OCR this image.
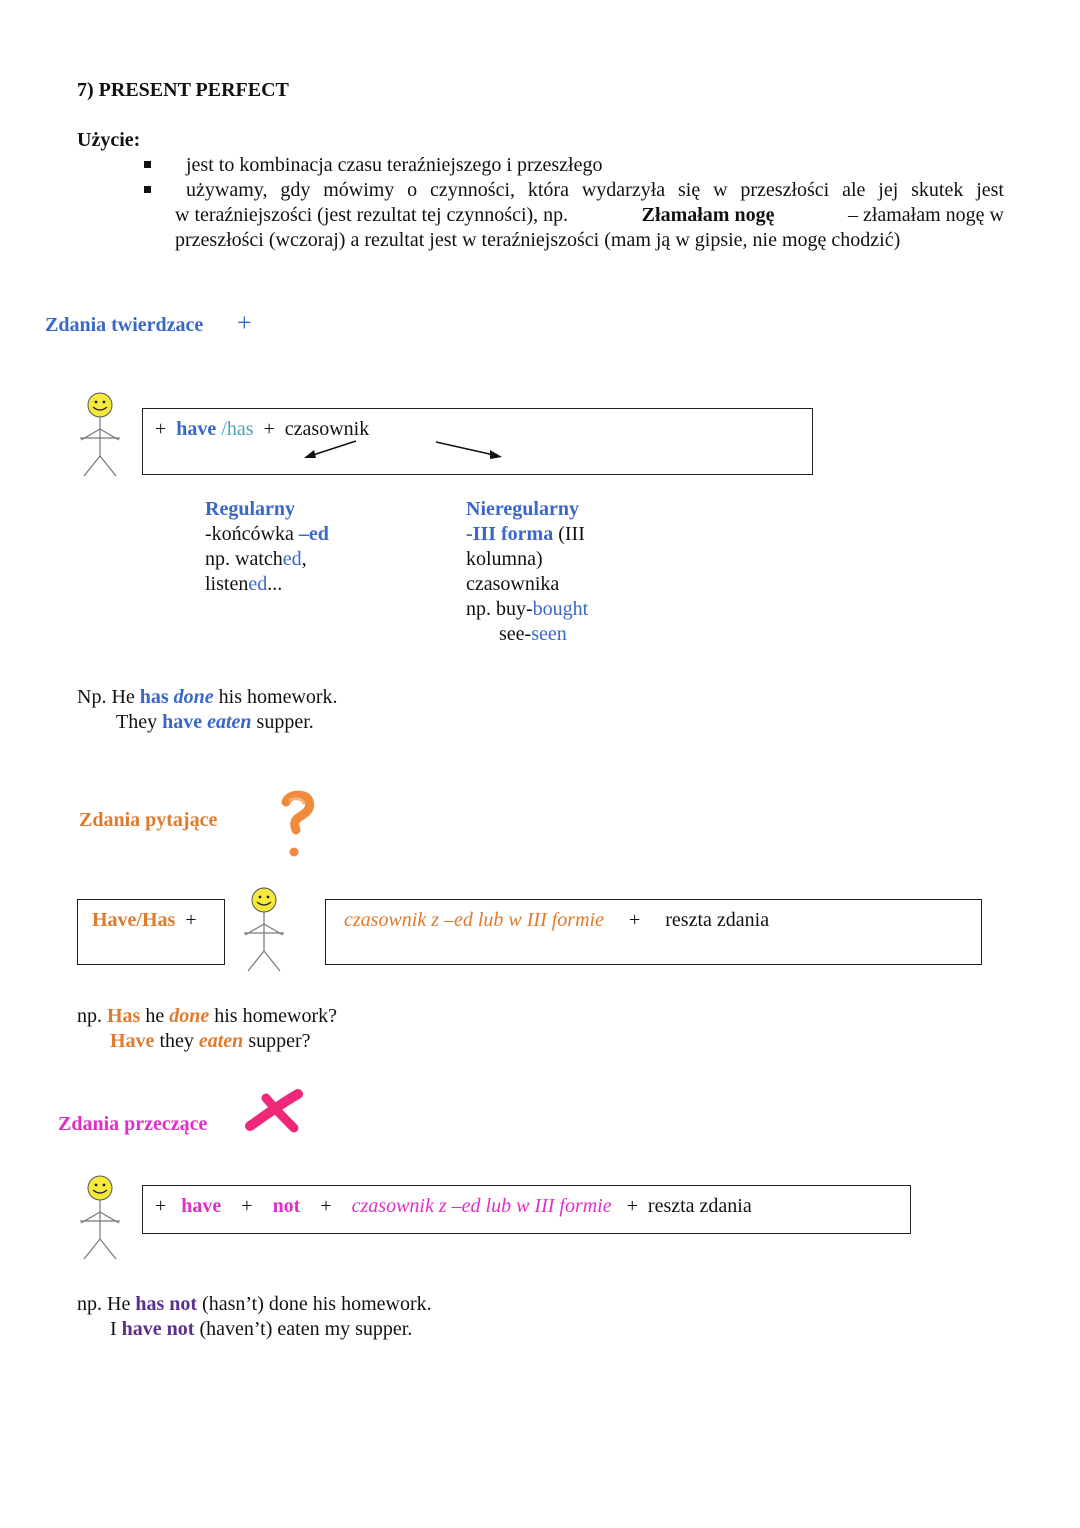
7) PRESENT PERFECT
Użycie:
jest to kombinacja czasu teraźniejszego i przeszłego
używamy, gdy mówimy o czynności, która wydarzyła się w przeszłości ale jej skutek jest
w teraźniejszości (jest rezultat tej czynności), np.	Złamałam nogę	– złamałam nogę w
przeszłości (wczoraj) a rezultat jest w teraźniejszości (mam ją w gipsie, nie mogę chodzić)
Zdania twierdzace +
+ have /has + czasownik
Regularny
-końcówka –ed
np. watched,
listened...
Nieregularny
-III forma (III
kolumna)
czasownika
np. buy-bought
see-seen
Np. He has done his homework.
They have eaten supper.
Zdania pytające
Have/Has +	czasownik z –ed lub w III formie + reszta zdania
np. Has he done his homework?
Have they eaten supper?
Zdania przeczące
+ have + not + czasownik z –ed lub w III formie + reszta zdania
np. He has not (hasn’t) done his homework.
I have not (haven’t) eaten my supper.
